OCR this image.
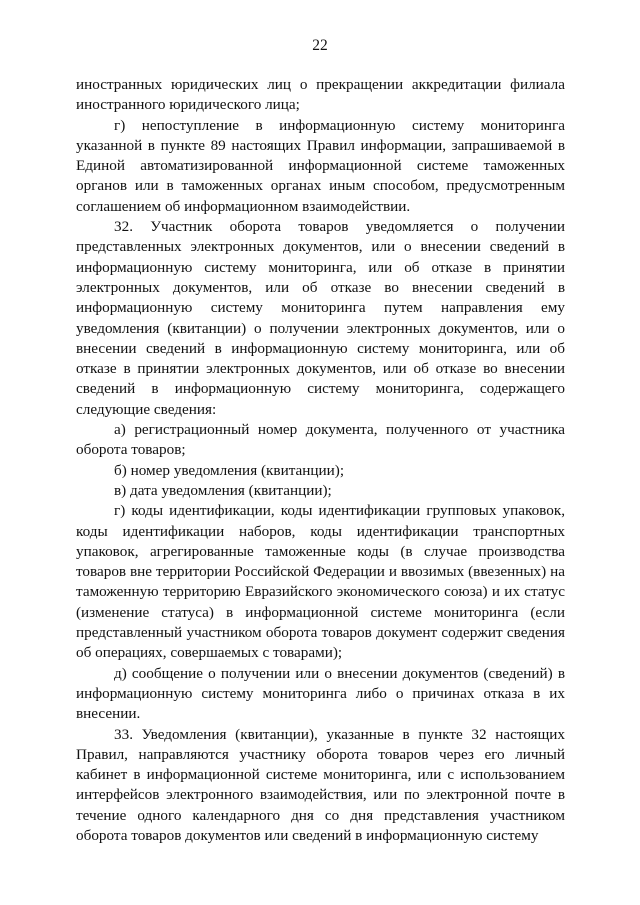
22

иностранных юридических лиц о прекращении аккредитации филиала иностранного юридического лица;

г) непоступление в информационную систему мониторинга указанной в пункте 89 настоящих Правил информации, запрашиваемой в Единой автоматизированной информационной системе таможенных органов или в таможенных органах иным способом, предусмотренным соглашением об информационном взаимодействии.

32. Участник оборота товаров уведомляется о получении представленных электронных документов, или о внесении сведений в информационную систему мониторинга, или об отказе в принятии электронных документов, или об отказе во внесении сведений в информационную систему мониторинга путем направления ему уведомления (квитанции) о получении электронных документов, или о внесении сведений в информационную систему мониторинга, или об отказе в принятии электронных документов, или об отказе во внесении сведений в информационную систему мониторинга, содержащего следующие сведения:

а) регистрационный номер документа, полученного от участника оборота товаров;

б) номер уведомления (квитанции);

в) дата уведомления (квитанции);

г) коды идентификации, коды идентификации групповых упаковок, коды идентификации наборов, коды идентификации транспортных упаковок, агрегированные таможенные коды (в случае производства товаров вне территории Российской Федерации и ввозимых (ввезенных) на таможенную территорию Евразийского экономического союза) и их статус (изменение статуса) в информационной системе мониторинга (если представленный участником оборота товаров документ содержит сведения об операциях, совершаемых с товарами);

д) сообщение о получении или о внесении документов (сведений) в информационную систему мониторинга либо о причинах отказа в их внесении.

33. Уведомления (квитанции), указанные в пункте 32 настоящих Правил, направляются участнику оборота товаров через его личный кабинет в информационной системе мониторинга, или с использованием интерфейсов электронного взаимодействия, или по электронной почте в течение одного календарного дня со дня представления участником оборота товаров документов или сведений в информационную систему
